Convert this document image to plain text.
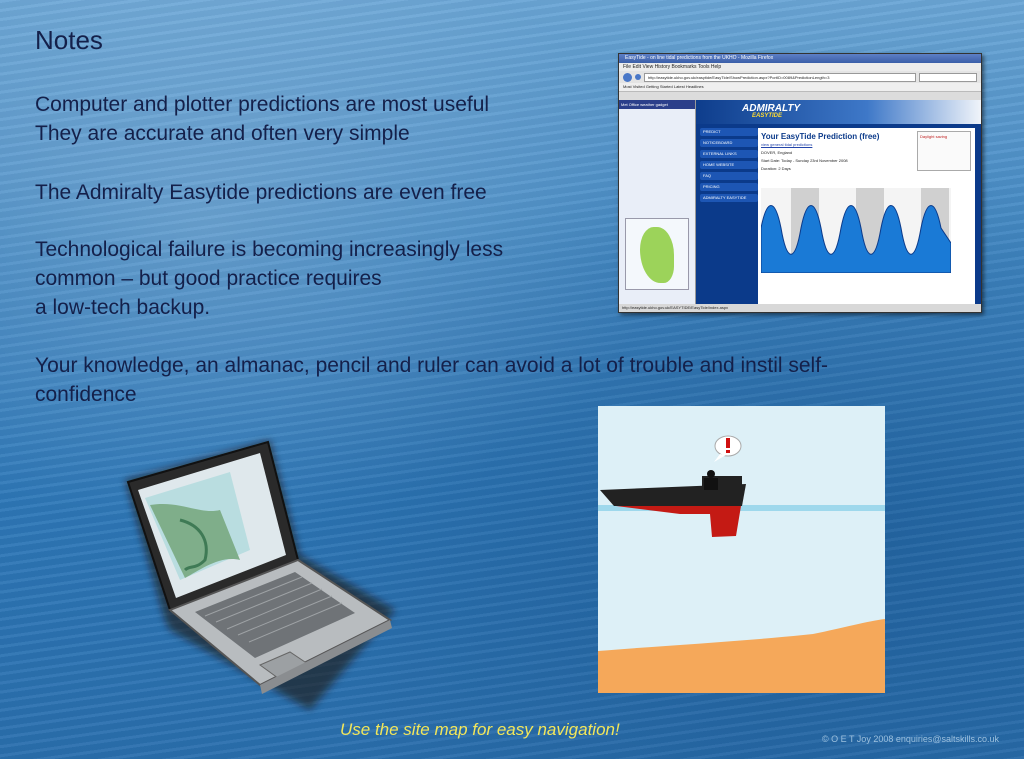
Notes
Computer and plotter predictions are most useful
They are accurate and often very simple
The Admiralty Easytide predictions are even free
Technological failure is becoming increasingly less
common – but good practice requires
a low-tech backup.
Your knowledge, an almanac, pencil and ruler can avoid a lot of trouble and instil self-confidence
EasyTide - on line tidal predictions from the UKHO - Mozilla Firefox
File Edit View History Bookmarks Tools Help
http://easytide.ukho.gov.uk/easytide/EasyTide/ShowPrediction.aspx?PortID=0089&PredictionLength=3
Most Visited Getting Started Latest Headlines
Met Office weather gadget	ADMIRALTY
EASYTIDE
PREDICT
NOTICEBOARD
EXTERNAL LINKS
HOME WEBSITE
FAQ
PRICING
ADMIRALTY EASYTIDE
Your EasyTide Prediction (free)
view general tidal predictions
DOVER, England
Start Date: Today - Sunday 23rd November 2008
Duration: 2 Days
Daylight saving
http://easytide.ukho.gov.uk/EASYTIDE/EasyTide/index.aspx
Use the site map for easy navigation!	© O E T Joy 2008 enquiries@saltskills.co.uk
